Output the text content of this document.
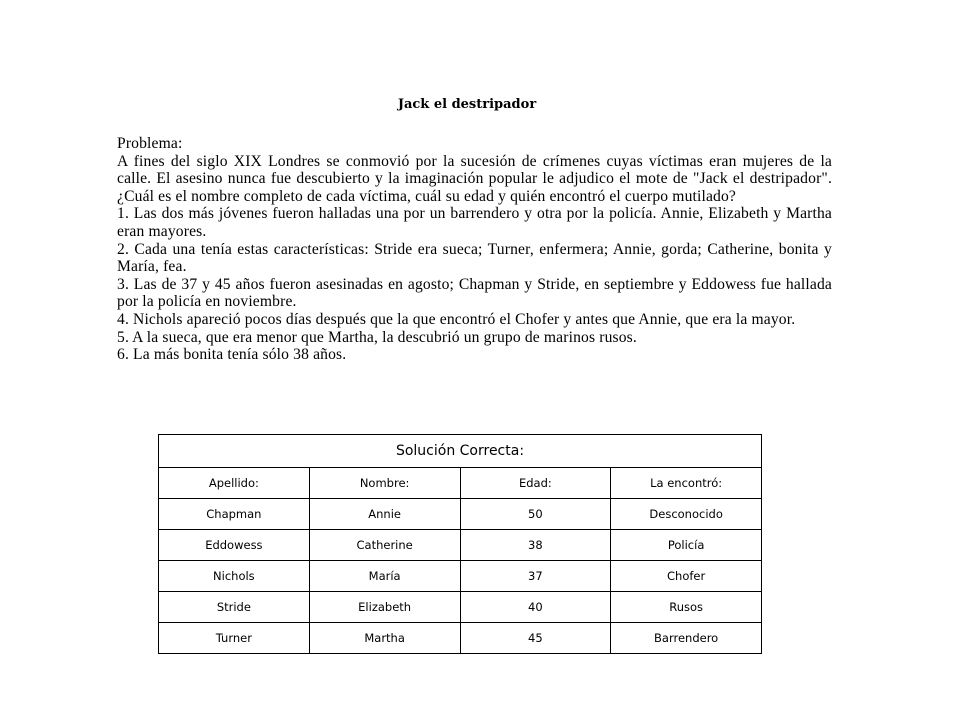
Jack el destripador

Problema:

A fines del siglo XIX Londres se conmovió por la sucesión de crímenes cuyas víctimas eran mujeres de la calle. El asesino nunca fue descubierto y la imaginación popular le adjudico el mote de "Jack el destripador". ¿Cuál es el nombre completo de cada víctima, cuál su edad y quién encontró el cuerpo mutilado?

1. Las dos más jóvenes fueron halladas una por un barrendero y otra por la policía. Annie, Elizabeth y Martha eran mayores.

2. Cada una tenía estas características: Stride era sueca; Turner, enfermera; Annie, gorda; Catherine, bonita y María, fea.

3. Las de 37 y 45 años fueron asesinadas en agosto; Chapman y Stride, en septiembre y Eddowess fue hallada por la policía en noviembre.

4. Nichols apareció pocos días después que la que encontró el Chofer y antes que Annie, que era la mayor.

5. A la sueca, que era menor que Martha, la descubrió un grupo de marinos rusos.

6. La más bonita tenía sólo 38 años.

Solución Correcta:			
Apellido:	Nombre:	Edad:	La encontró:
Chapman	Annie	50	Desconocido
Eddowess	Catherine	38	Policía
Nichols	María	37	Chofer
Stride	Elizabeth	40	Rusos
Turner	Martha	45	Barrendero
